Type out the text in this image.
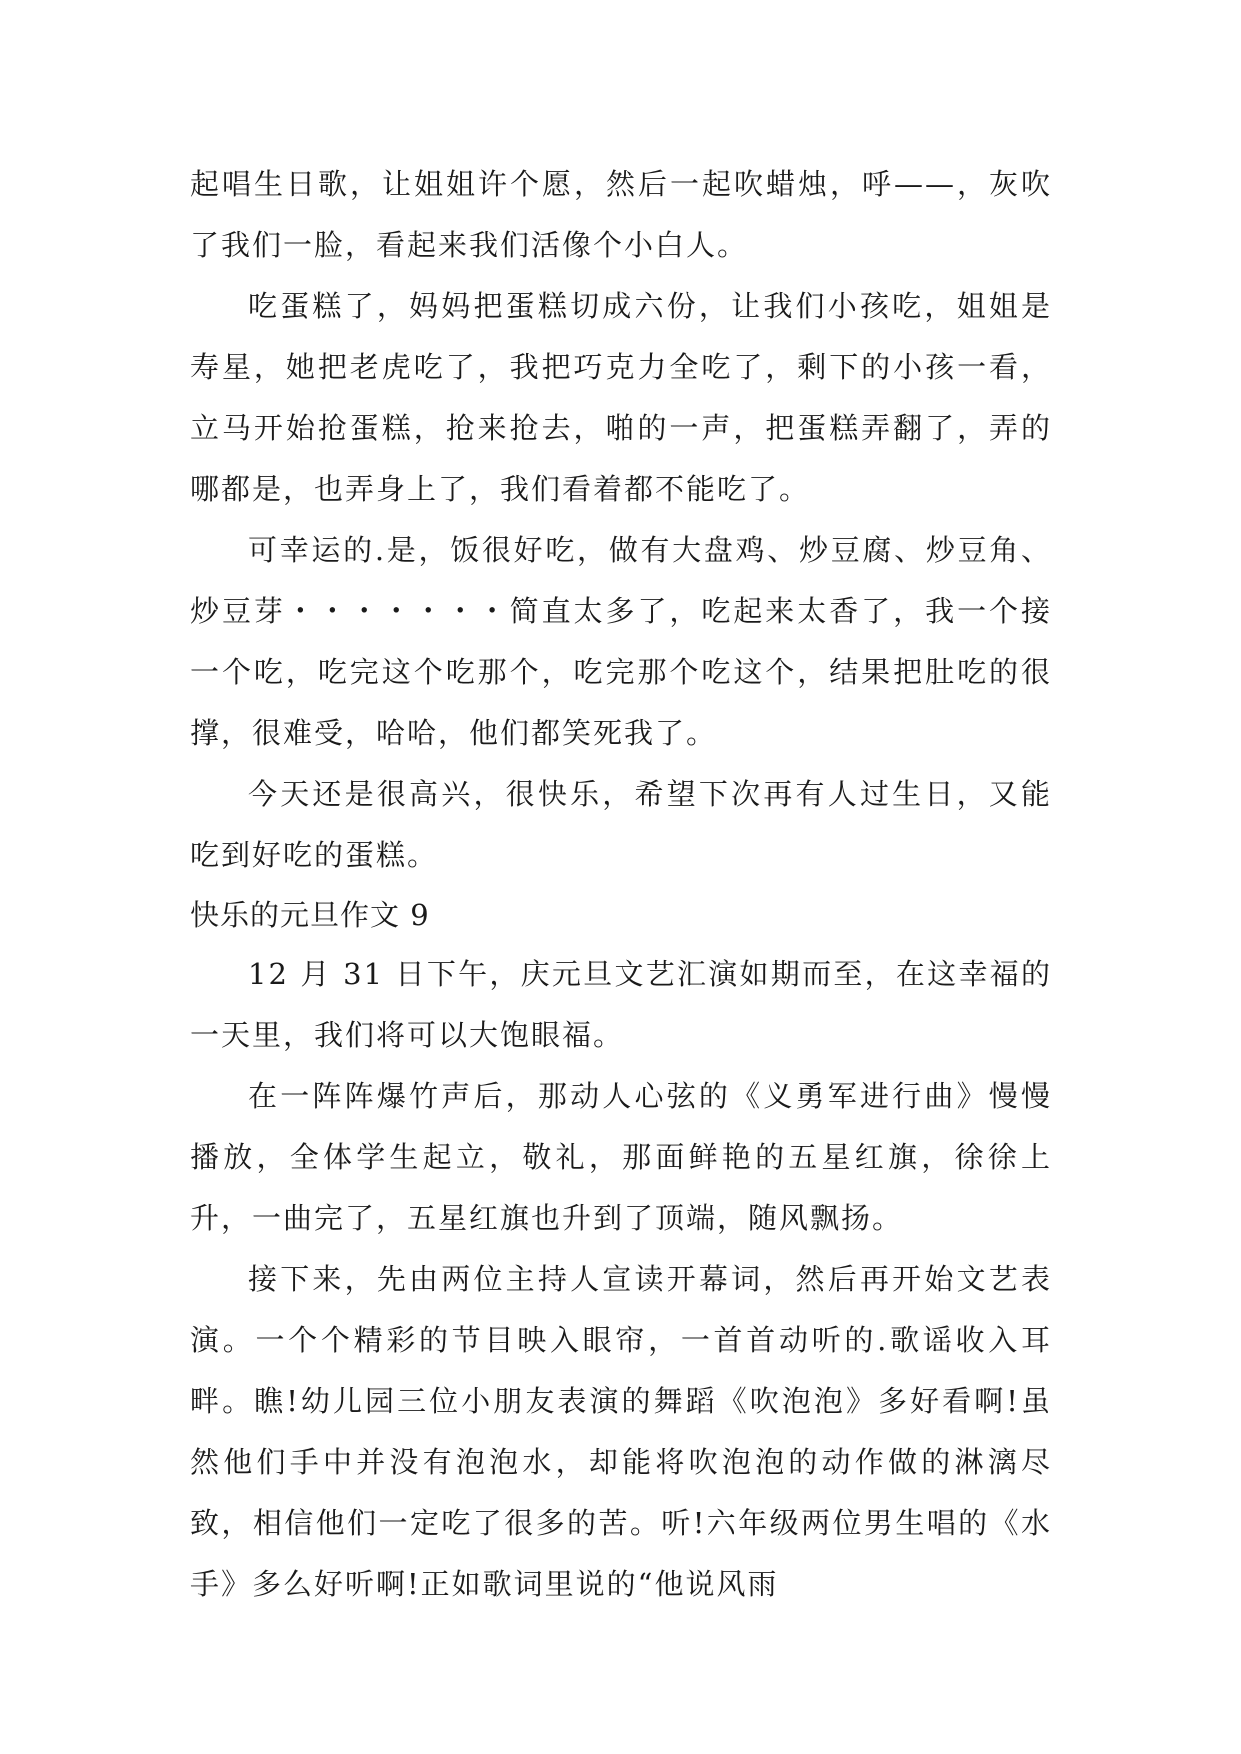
起唱生日歌，让姐姐许个愿，然后一起吹蜡烛，呼——，灰吹了我们一脸，看起来我们活像个小白人。

吃蛋糕了，妈妈把蛋糕切成六份，让我们小孩吃，姐姐是寿星，她把老虎吃了，我把巧克力全吃了，剩下的小孩一看，立马开始抢蛋糕，抢来抢去，啪的一声，把蛋糕弄翻了，弄的哪都是，也弄身上了，我们看着都不能吃了。

可幸运的.是，饭很好吃，做有大盘鸡、炒豆腐、炒豆角、炒豆芽・・・・・・・简直太多了，吃起来太香了，我一个接一个吃，吃完这个吃那个，吃完那个吃这个，结果把肚吃的很撑，很难受，哈哈，他们都笑死我了。

今天还是很高兴，很快乐，希望下次再有人过生日，又能吃到好吃的蛋糕。

快乐的元旦作文 9

12 月 31 日下午，庆元旦文艺汇演如期而至，在这幸福的一天里，我们将可以大饱眼福。

在一阵阵爆竹声后，那动人心弦的《义勇军进行曲》慢慢播放，全体学生起立，敬礼，那面鲜艳的五星红旗，徐徐上升，一曲完了，五星红旗也升到了顶端，随风飘扬。

接下来，先由两位主持人宣读开幕词，然后再开始文艺表演。一个个精彩的节目映入眼帘，一首首动听的.歌谣收入耳畔。瞧!幼儿园三位小朋友表演的舞蹈《吹泡泡》多好看啊!虽然他们手中并没有泡泡水，却能将吹泡泡的动作做的淋漓尽致，相信他们一定吃了很多的苦。听!六年级两位男生唱的《水手》多么好听啊!正如歌词里说的“他说风雨
